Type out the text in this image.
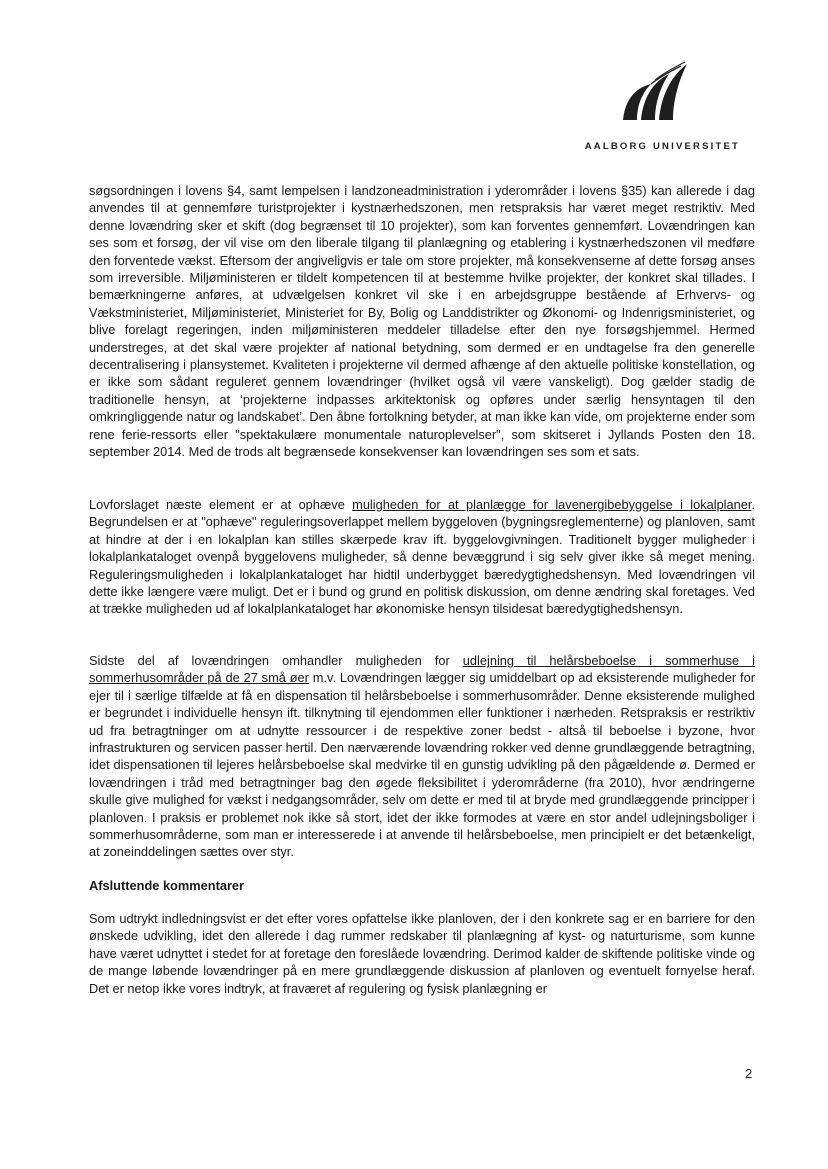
AALBORG UNIVERSITET

søgsordningen i lovens §4, samt lempelsen i landzoneadministration i yderområder i lovens §35) kan allerede i dag anvendes til at gennemføre turistprojekter i kystnærhedszonen, men retspraksis har været meget restriktiv. Med denne lovændring sker et skift (dog begrænset til 10 projekter), som kan forventes gennemført. Lovændringen kan ses som et forsøg, der vil vise om den liberale tilgang til planlægning og etablering i kystnærhedszonen vil medføre den forventede vækst. Eftersom der angiveligvis er tale om store projekter, må konsekvenserne af dette forsøg anses som irreversible. Miljøministeren er tildelt kompetencen til at bestemme hvilke projekter, der konkret skal tillades. I bemærkningerne anføres, at udvælgelsen konkret vil ske i en arbejdsgruppe bestående af Erhvervs- og Vækstministeriet, Miljøministeriet, Ministeriet for By, Bolig og Landdistrikter og Økonomi- og Indenrigsministeriet, og blive forelagt regeringen, inden miljøministeren meddeler tilladelse efter den nye forsøgshjemmel. Hermed understreges, at det skal være projekter af national betydning, som dermed er en undtagelse fra den generelle decentralisering i plansystemet. Kvaliteten i projekterne vil dermed afhænge af den aktuelle politiske konstellation, og er ikke som sådant reguleret gennem lovændringer (hvilket også vil være vanskeligt). Dog gælder stadig de traditionelle hensyn, at ‘projekterne indpasses arkitektonisk og opføres under særlig hensyntagen til den omkringliggende natur og landskabet’. Den åbne fortolkning betyder, at man ikke kan vide, om projekterne ender som rene ferie-ressorts eller "spektakulære monumentale naturoplevelser", som skitseret i Jyllands Posten den 18. september 2014. Med de trods alt begrænsede konsekvenser kan lovændringen ses som et sats.

Lovforslaget næste element er at ophæve muligheden for at planlægge for lavenergibebyggelse i lokalplaner. Begrundelsen er at "ophæve" reguleringsoverlappet mellem byggeloven (bygningsreglementerne) og planloven, samt at hindre at der i en lokalplan kan stilles skærpede krav ift. byggelovgivningen. Traditionelt bygger muligheder i lokalplankataloget ovenpå byggelovens muligheder, så denne bevæggrund i sig selv giver ikke så meget mening. Reguleringsmuligheden i lokalplankataloget har hidtil underbygget bæredygtighedshensyn. Med lovændringen vil dette ikke længere være muligt. Det er i bund og grund en politisk diskussion, om denne ændring skal foretages. Ved at trække muligheden ud af lokalplankataloget har økonomiske hensyn tilsidesat bæredygtighedshensyn.

Sidste del af lovændringen omhandler muligheden for udlejning til helårsbeboelse i sommerhuse i sommerhusområder på de 27 små øer m.v. Lovændringen lægger sig umiddelbart op ad eksisterende muligheder for ejer til i særlige tilfælde at få en dispensation til helårsbeboelse i sommerhusområder. Denne eksisterende mulighed er begrundet i individuelle hensyn ift. tilknytning til ejendommen eller funktioner i nærheden. Retspraksis er restriktiv ud fra betragtninger om at udnytte ressourcer i de respektive zoner bedst - altså til beboelse i byzone, hvor infrastrukturen og servicen passer hertil. Den nærværende lovændring rokker ved denne grundlæggende betragtning, idet dispensationen til lejeres helårsbeboelse skal medvirke til en gunstig udvikling på den pågældende ø. Dermed er lovændringen i tråd med betragtninger bag den øgede fleksibilitet i yderområderne (fra 2010), hvor ændringerne skulle give mulighed for vækst i nedgangsområder, selv om dette er med til at bryde med grundlæggende principper i planloven. I praksis er problemet nok ikke så stort, idet der ikke formodes at være en stor andel udlejningsboliger i sommerhusområderne, som man er interesserede i at anvende til helårsbeboelse, men principielt er det betænkeligt, at zoneinddelingen sættes over styr.

Afsluttende kommentarer

Som udtrykt indledningsvist er det efter vores opfattelse ikke planloven, der i den konkrete sag er en barriere for den ønskede udvikling, idet den allerede i dag rummer redskaber til planlægning af kyst- og naturturisme, som kunne have været udnyttet i stedet for at foretage den foreslåede lovændring. Derimod kalder de skiftende politiske vinde og de mange løbende lovændringer på en mere grundlæggende diskussion af planloven og eventuelt fornyelse heraf. Det er netop ikke vores indtryk, at fraværet af regulering og fysisk planlægning er

2
